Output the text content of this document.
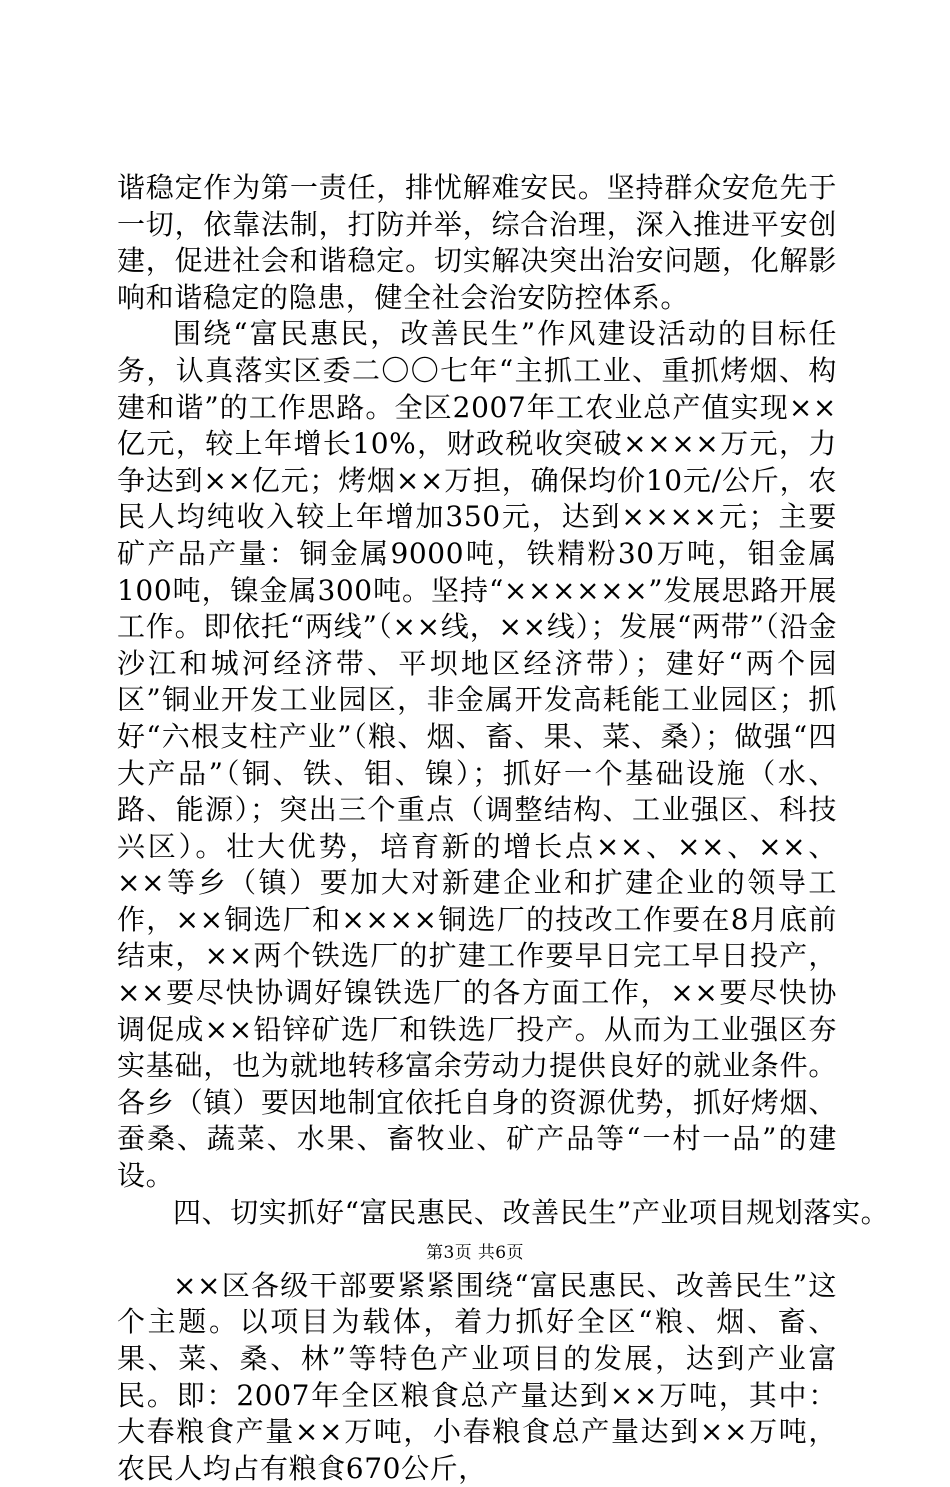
谐稳定作为第一责任，排忧解难安民。坚持群众安危先于一切，依靠法制，打防并举，综合治理，深入推进平安创建，促进社会和谐稳定。切实解决突出治安问题，化解影响和谐稳定的隐患，健全社会治安防控体系。

围绕“富民惠民，改善民生”作风建设活动的目标任务，认真落实区委二〇〇七年“主抓工业、重抓烤烟、构建和谐”的工作思路。全区2007年工农业总产值实现××亿元，较上年增长10%，财政税收突破××××万元，力争达到××亿元；烤烟××万担，确保均价10元/公斤，农民人均纯收入较上年增加350元，达到××××元；主要矿产品产量：铜金属9000吨，铁精粉30万吨，钼金属100吨，镍金属300吨。坚持“××××××”发展思路开展工作。即依托“两线”（××线，××线）；发展“两带”（沿金沙江和城河经济带、平坝地区经济带）；建好“两个园区”铜业开发工业园区，非金属开发高耗能工业园区；抓好“六根支柱产业”（粮、烟、畜、果、菜、桑）；做强“四大产品”（铜、铁、钼、镍）；抓好一个基础设施（水、路、能源）；突出三个重点（调整结构、工业强区、科技兴区）。壮大优势，培育新的增长点××、××、××、××等乡（镇）要加大对新建企业和扩建企业的领导工作，××铜选厂和××××铜选厂的技改工作要在8月底前结束，××两个铁选厂的扩建工作要早日完工早日投产，××要尽快协调好镍铁选厂的各方面工作，××要尽快协调促成××铅锌矿选厂和铁选厂投产。从而为工业强区夯实基础，也为就地转移富余劳动力提供良好的就业条件。各乡（镇）要因地制宜依托自身的资源优势，抓好烤烟、蚕桑、蔬菜、水果、畜牧业、矿产品等“一村一品”的建设。

四、切实抓好“富民惠民、改善民生”产业项目规划落实。

××区各级干部要紧紧围绕“富民惠民、改善民生”这个主题。以项目为载体，着力抓好全区“粮、烟、畜、果、菜、桑、林”等特色产业项目的发展，达到产业富民。即：2007年全区粮食总产量达到××万吨，其中：大春粮食产量××万吨，小春粮食总产量达到××万吨，农民人均占有粮食670公斤，

第3页 共6页
